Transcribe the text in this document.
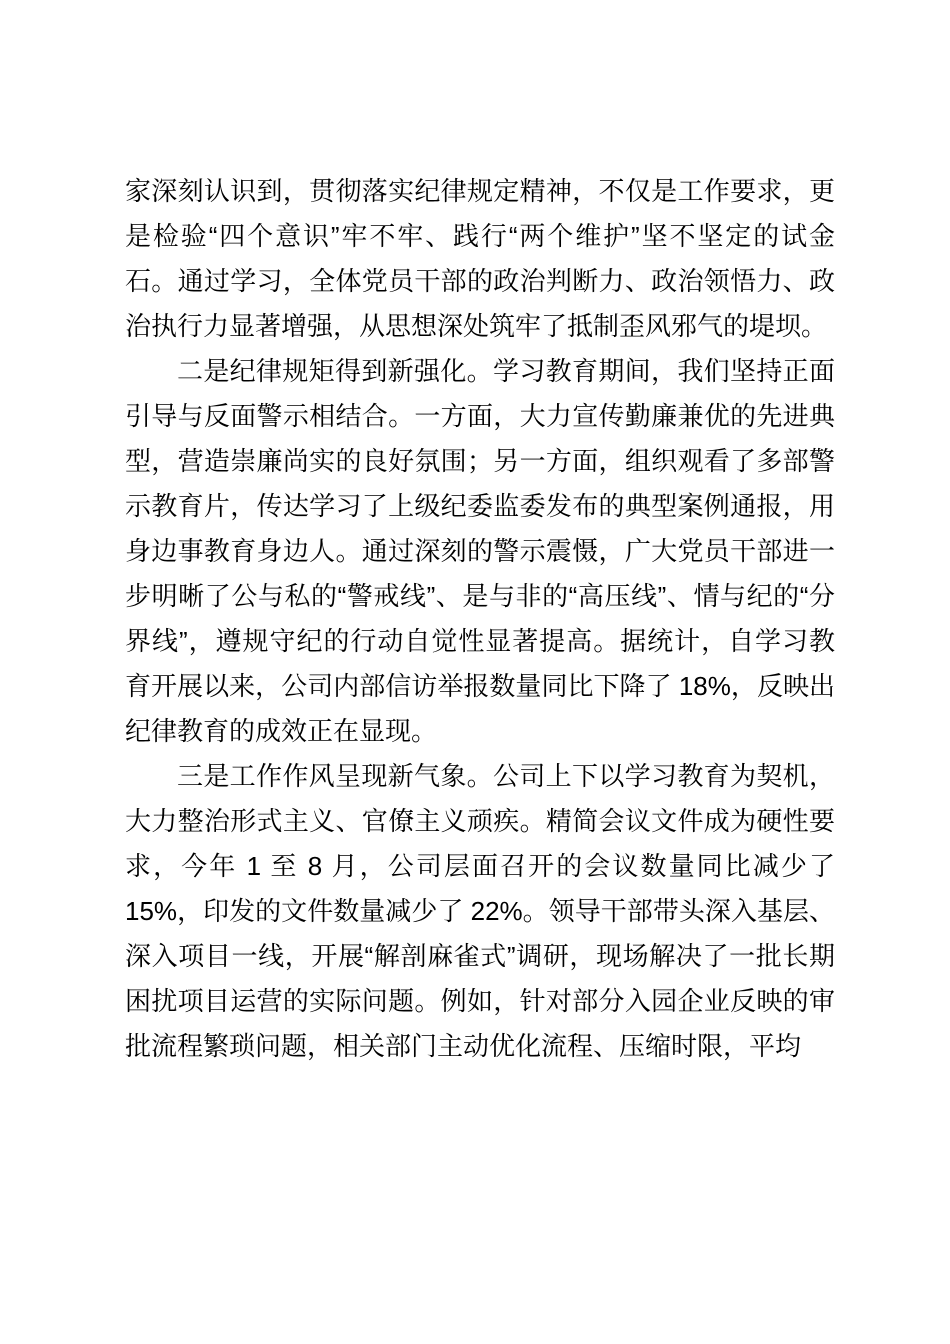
家深刻认识到，贯彻落实纪律规定精神，不仅是工作要求，更是检验“四个意识”牢不牢、践行“两个维护”坚不坚定的试金石。通过学习，全体党员干部的政治判断力、政治领悟力、政治执行力显著增强，从思想深处筑牢了抵制歪风邪气的堤坝。

二是纪律规矩得到新强化。学习教育期间，我们坚持正面引导与反面警示相结合。一方面，大力宣传勤廉兼优的先进典型，营造崇廉尚实的良好氛围；另一方面，组织观看了多部警示教育片，传达学习了上级纪委监委发布的典型案例通报，用身边事教育身边人。通过深刻的警示震慑，广大党员干部进一步明晰了公与私的“警戒线”、是与非的“高压线”、情与纪的“分界线”，遵规守纪的行动自觉性显著提高。据统计，自学习教育开展以来，公司内部信访举报数量同比下降了 18%，反映出纪律教育的成效正在显现。

三是工作作风呈现新气象。公司上下以学习教育为契机，大力整治形式主义、官僚主义顽疾。精简会议文件成为硬性要求，今年 1 至 8 月，公司层面召开的会议数量同比减少了 15%，印发的文件数量减少了 22%。领导干部带头深入基层、深入项目一线，开展“解剖麻雀式”调研，现场解决了一批长期困扰项目运营的实际问题。例如，针对部分入园企业反映的审批流程繁琐问题，相关部门主动优化流程、压缩时限，平均
